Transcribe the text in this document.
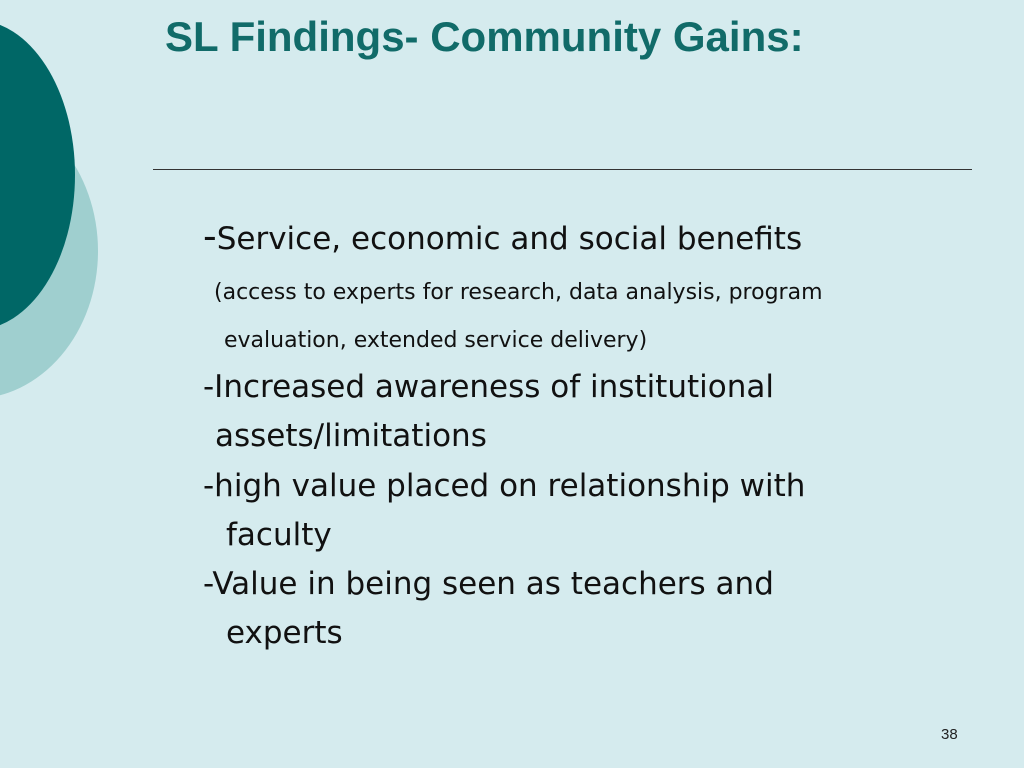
SL Findings- Community Gains:

-Service, economic and social benefits

(access to experts for research, data analysis, program

evaluation, extended service delivery)

-Increased awareness of institutional

assets/limitations

-high value placed on relationship with

faculty

-Value in being seen as teachers and

experts

38
